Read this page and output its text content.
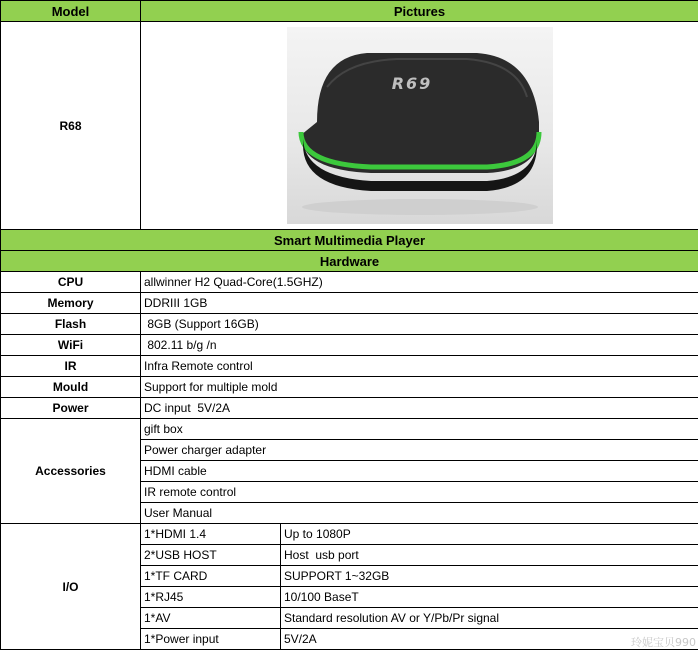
Model	Pictures	
R68	R69	

Smart Multimedia Player		
Hardware		
CPU	allwinner H2 Quad-Core(1.5GHZ)	
Memory	DDRIII 1GB	
Flash	8GB (Support 16GB)	
WiFi	802.11 b/g /n	
IR	Infra Remote control	
Mould	Support for multiple mold	
Power	DC input  5V/2A	
Accessories	gift box	
	Power charger adapter	
	HDMI cable	
	IR remote control	
	User Manual	
I/O	1*HDMI 1.4	Up to 1080P
	2*USB HOST	Host  usb port
	1*TF CARD	SUPPORT 1~32GB
	1*RJ45	10/100 BaseT
	1*AV	Standard resolution AV or Y/Pb/Pr signal
	1*Power input	5V/2A	玲妮宝贝990
